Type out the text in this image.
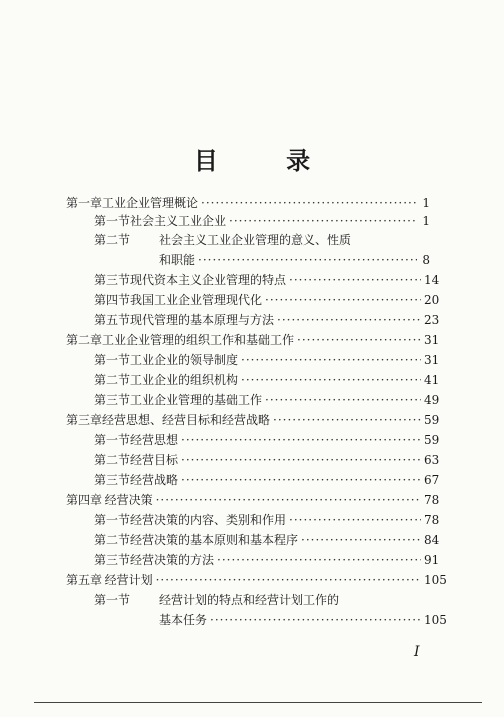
目 录
第一章 工业企业管理概论 ·····	1
第一节 社会主义工业企业 ·····	1
第二节	社会主义工业企业管理的意义、性质
和职能 ·····	8
第三节 现代资本主义企业管理的特点 ·····	14
第四节 我国工业企业管理现代化 ·····	20
第五节 现代管理的基本原理与方法 ·····	23
第二章 工业企业管理的组织工作和基础工作 ·····	31
第一节 工业企业的领导制度 ·····	31
第二节 工业企业的组织机构 ·····	41
第三节 工业企业管理的基础工作 ·····	49
第三章 经营思想、经营目标和经营战略 ·····	59
第一节 经营思想 ·····	59
第二节 经营目标 ·····	63
第三节 经营战略 ·····	67
第四章 经营决策 ·····	78
第一节 经营决策的内容、类别和作用 ·····	78
第二节 经营决策的基本原则和基本程序 ·····	84
第三节 经营决策的方法 ·····	91
第五章 经营计划 ·····	105
第一节	经营计划的特点和经营计划工作的
基本任务 ·····	105
I
